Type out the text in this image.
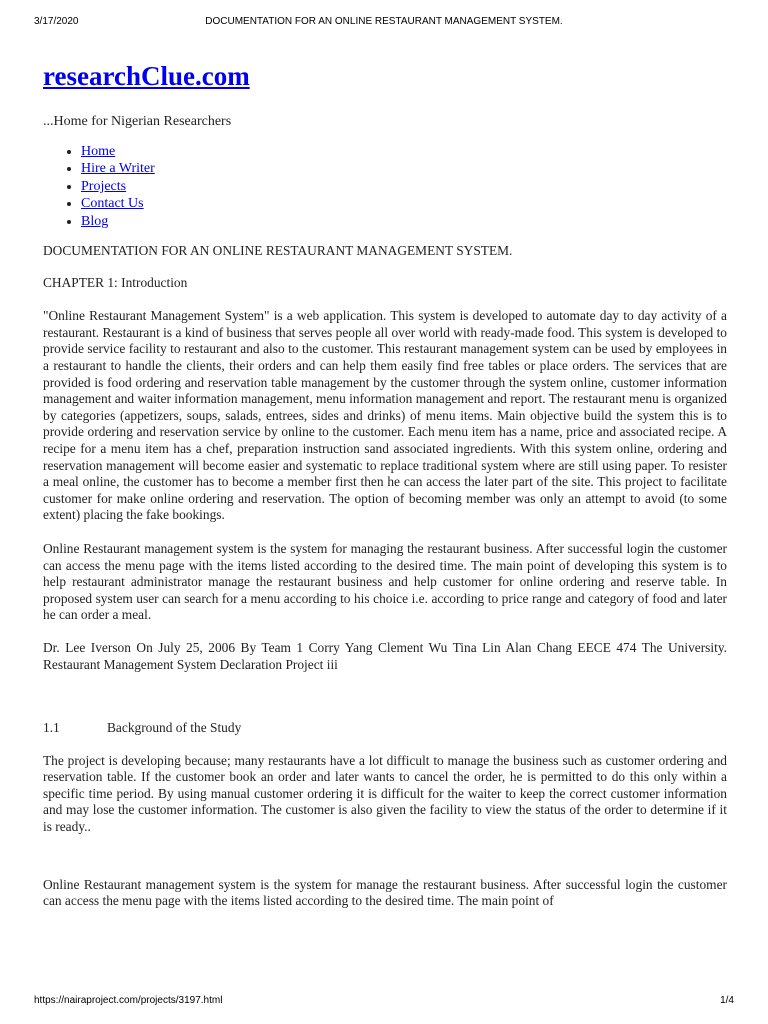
3/17/2020	DOCUMENTATION FOR AN ONLINE RESTAURANT MANAGEMENT SYSTEM.
researchClue.com

...Home for Nigerian Researchers

• Home
• Hire a Writer
• Projects
• Contact Us
• Blog

DOCUMENTATION FOR AN ONLINE RESTAURANT MANAGEMENT SYSTEM.

CHAPTER 1: Introduction

"Online Restaurant Management System" is a web application. This system is developed to automate day to day activity of a restaurant. Restaurant is a kind of business that serves people all over world with ready-made food. This system is developed to provide service facility to restaurant and also to the customer. This restaurant management system can be used by employees in a restaurant to handle the clients, their orders and can help them easily find free tables or place orders. The services that are provided is food ordering and reservation table management by the customer through the system online, customer information management and waiter information management, menu information management and report. The restaurant menu is organized by categories (appetizers, soups, salads, entrees, sides and drinks) of menu items. Main objective build the system this is to provide ordering and reservation service by online to the customer. Each menu item has a name, price and associated recipe. A recipe for a menu item has a chef, preparation instruction sand associated ingredients. With this system online, ordering and reservation management will become easier and systematic to replace traditional system where are still using paper. To resister a meal online, the customer has to become a member first then he can access the later part of the site. This project to facilitate customer for make online ordering and reservation. The option of becoming member was only an attempt to avoid (to some extent) placing the fake bookings.

Online Restaurant management system is the system for managing the restaurant business. After successful login the customer can access the menu page with the items listed according to the desired time. The main point of developing this system is to help restaurant administrator manage the restaurant business and help customer for online ordering and reserve table. In proposed system user can search for a menu according to his choice i.e. according to price range and category of food and later he can order a meal.

Dr. Lee Iverson On July 25, 2006 By Team 1 Corry Yang Clement Wu Tina Lin Alan Chang EECE 474 The University. Restaurant Management System Declaration Project iii

1.1	Background of the Study

The project is developing because; many restaurants have a lot difficult to manage the business such as customer ordering and reservation table. If the customer book an order and later wants to cancel the order, he is permitted to do this only within a specific time period. By using manual customer ordering it is difficult for the waiter to keep the correct customer information and may lose the customer information. The customer is also given the facility to view the status of the order to determine if it is ready..

Online Restaurant management system is the system for manage the restaurant business. After successful login the customer can access the menu page with the items listed according to the desired time. The main point of

https://nairaproject.com/projects/3197.html	1/4
